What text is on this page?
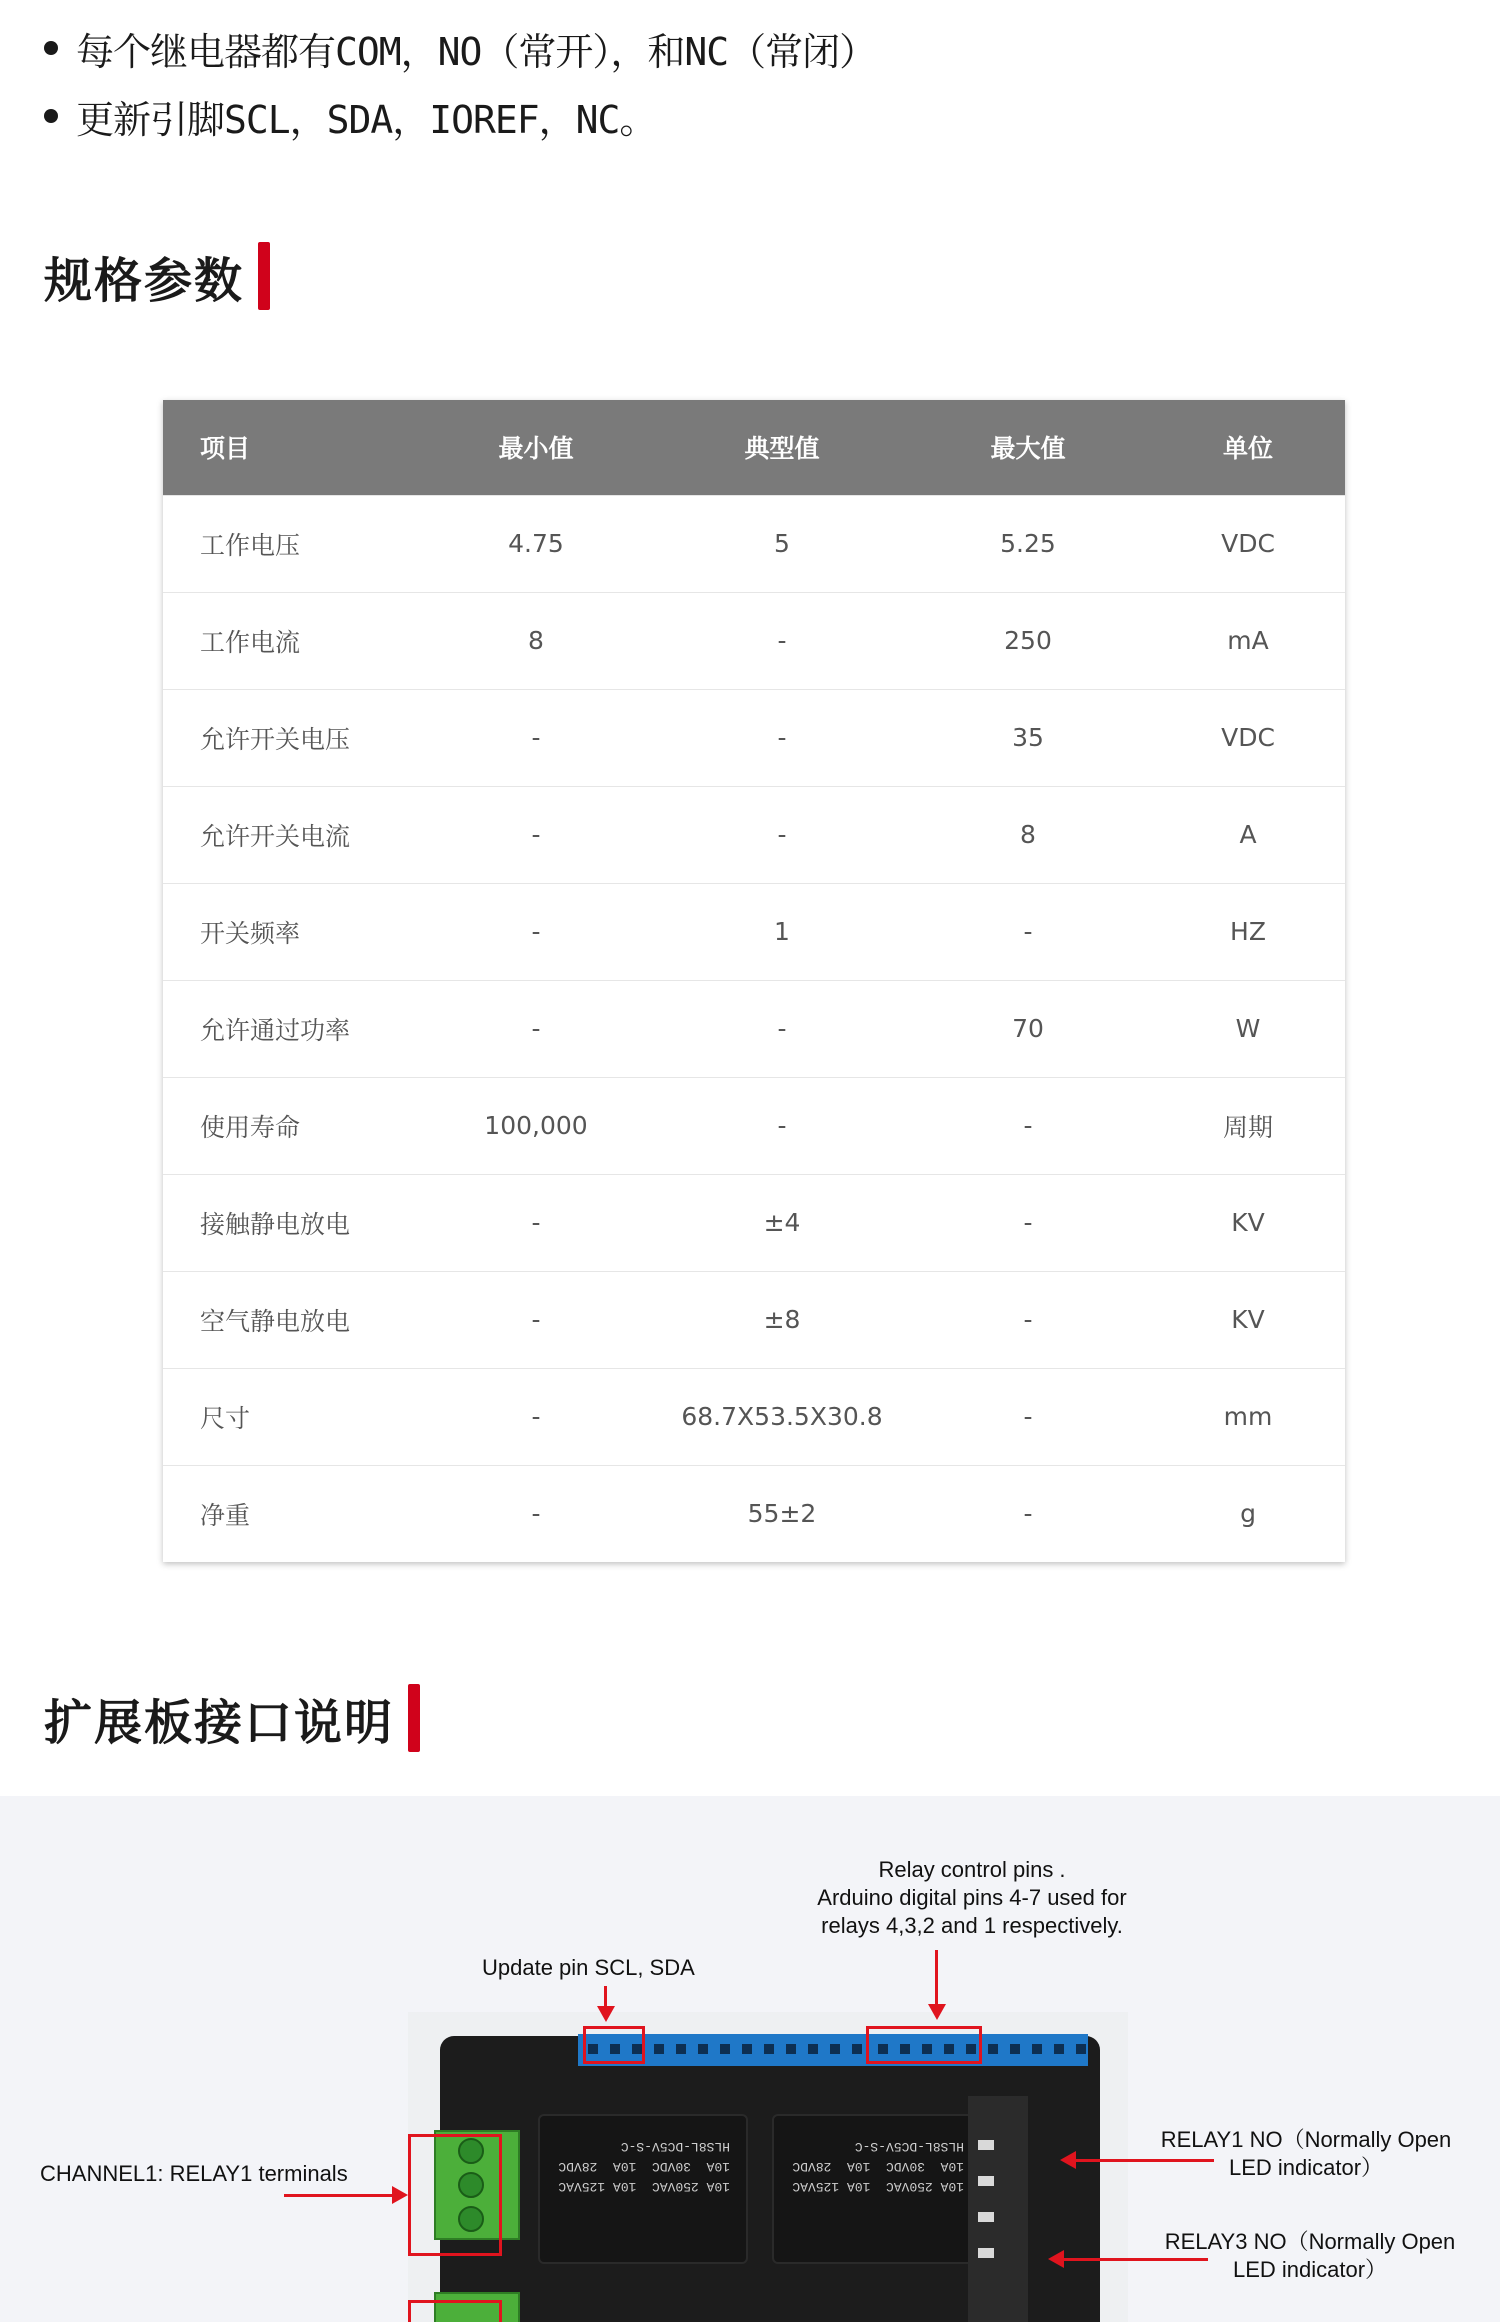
每个继电器都有COM，NO（常开），和NC（常闭）
更新引脚SCL，SDA，IOREF，NC。
规格参数
项目	最小值	典型值	最大值	单位
工作电压	4.75	5	5.25	VDC
工作电流	8	-	250	mA
允许开关电压	-	-	35	VDC
允许开关电流	-	-	8	A
开关频率	-	1	-	HZ
允许通过功率	-	-	70	W
使用寿命	100,000	-	-	周期
接触静电放电	-	±4	-	KV
空气静电放电	-	±8	-	KV
尺寸	-	68.7X53.5X30.8	-	mm
净重	-	55±2	-	g
扩展板接口说明
Relay control pins .
Arduino digital pins 4-7 used for
relays 4,3,2 and 1 respectively.
Update pin SCL, SDA
10A 250VAC  10A 125VAC
10A  30VDC  10A  28VDC
HLS8L-DC5V-S-C
10A 250VAC  10A 125VAC
10A  30VDC  10A  28VDC
HLS8L-DC5V-S-C
CHANNEL1: RELAY1 terminals
RELAY1 NO（Normally Open
LED indicator）
RELAY3 NO（Normally Open
LED indicator）
